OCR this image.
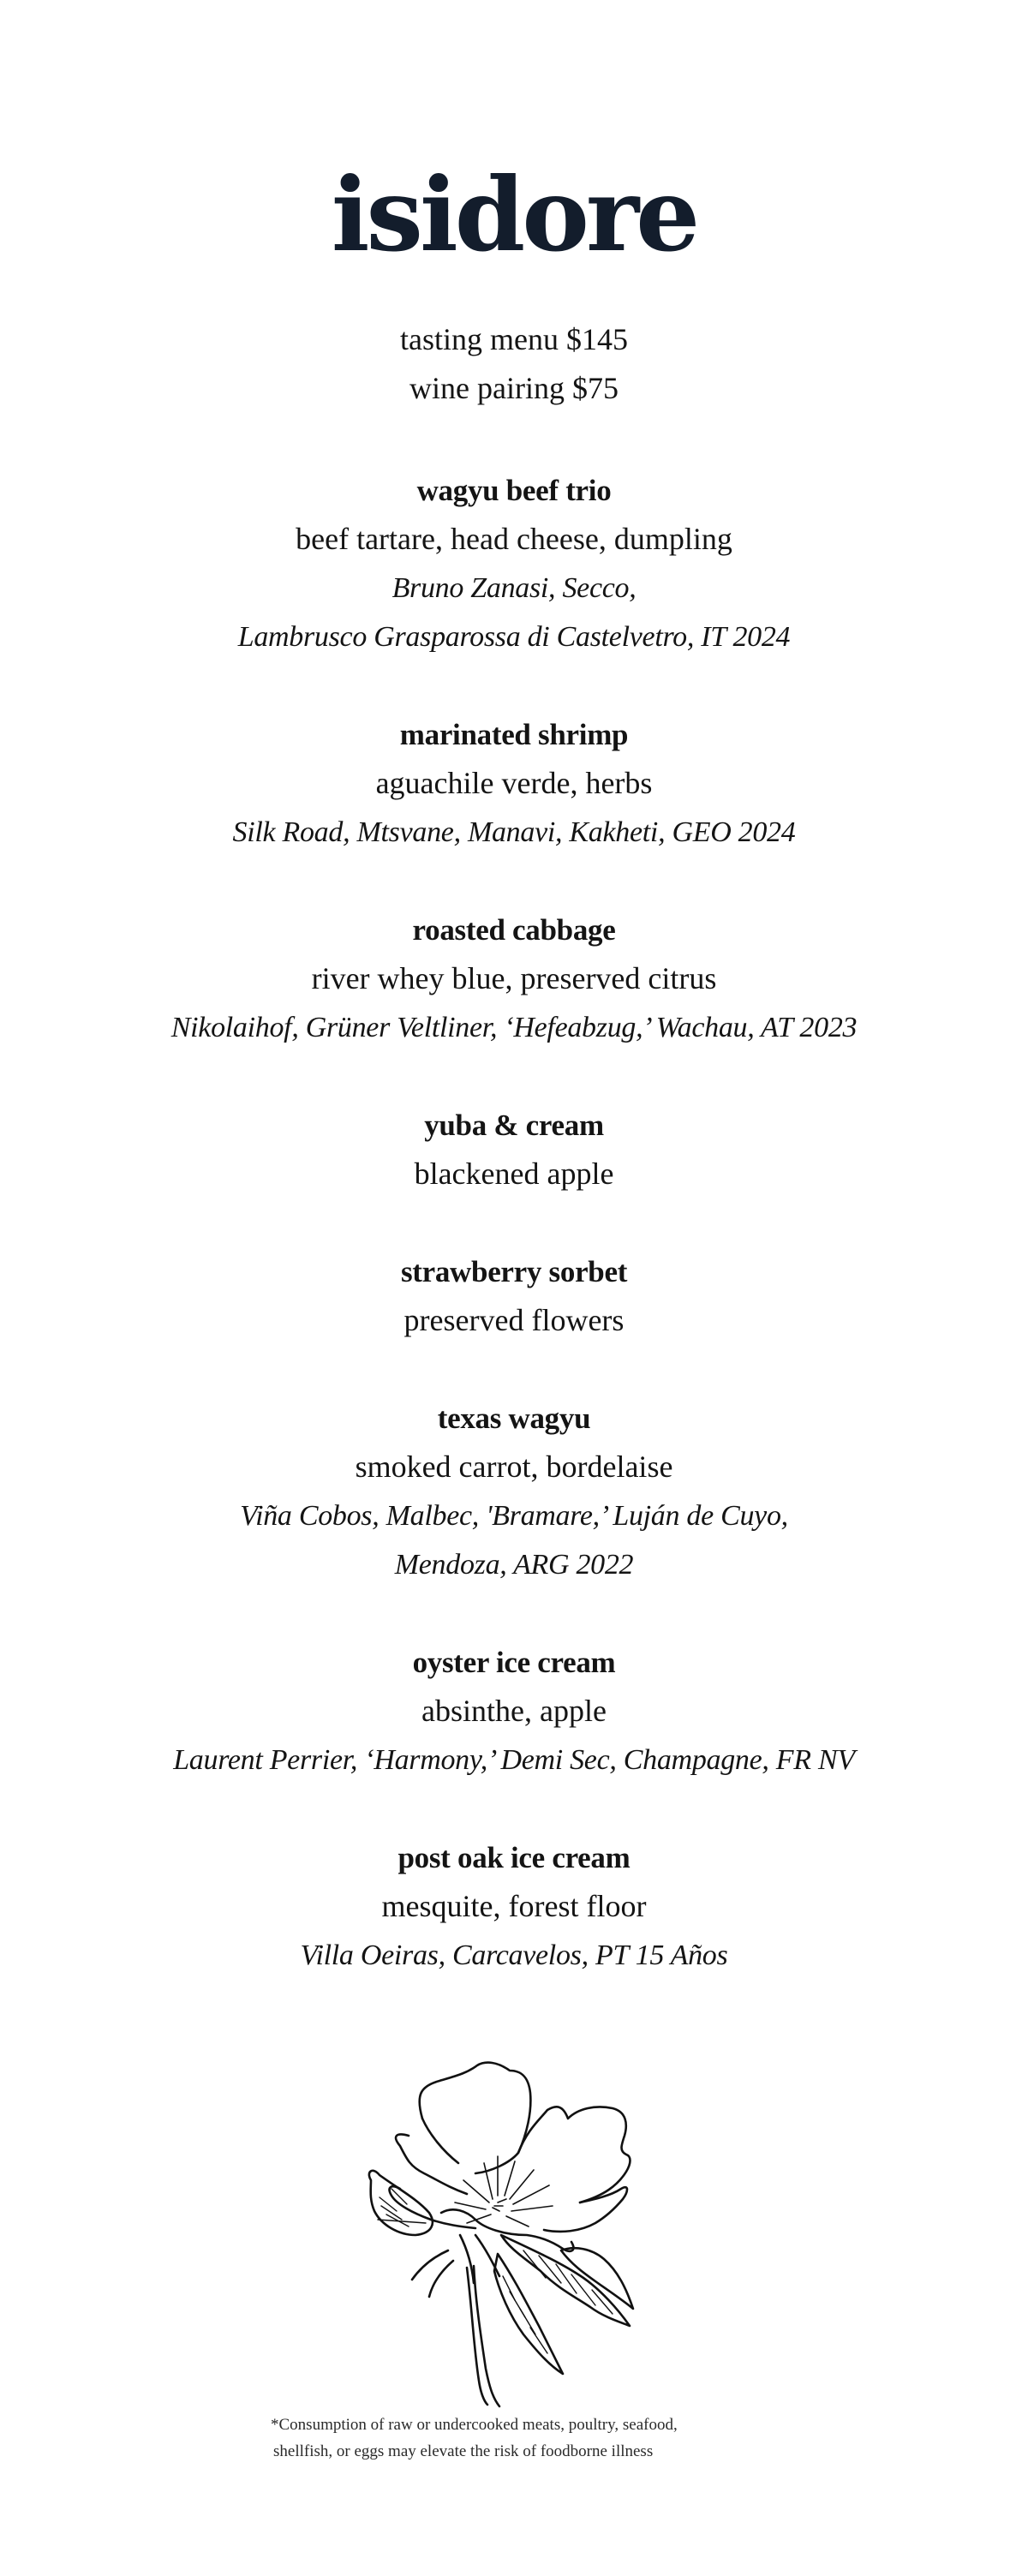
isidore
tasting menu $145
wine pairing $75
wagyu beef trio
beef tartare, head cheese, dumpling
Bruno Zanasi, Secco,
Lambrusco Grasparossa di Castelvetro, IT 2024
marinated shrimp
aguachile verde, herbs
Silk Road, Mtsvane, Manavi, Kakheti, GEO 2024
roasted cabbage
river whey blue, preserved citrus
Nikolaihof, Grüner Veltliner, ‘Hefeabzug,’ Wachau, AT 2023
yuba & cream
blackened apple
strawberry sorbet
preserved flowers
texas wagyu
smoked carrot, bordelaise
Viña Cobos, Malbec, 'Bramare,’ Luján de Cuyo,
Mendoza, ARG 2022
oyster ice cream
absinthe, apple
Laurent Perrier, ‘Harmony,’ Demi Sec, Champagne, FR NV
post oak ice cream
mesquite, forest floor
Villa Oeiras, Carcavelos, PT 15 Años
*Consumption of raw or undercooked meats, poultry, seafood,
shellfish, or eggs may elevate the risk of foodborne illness
